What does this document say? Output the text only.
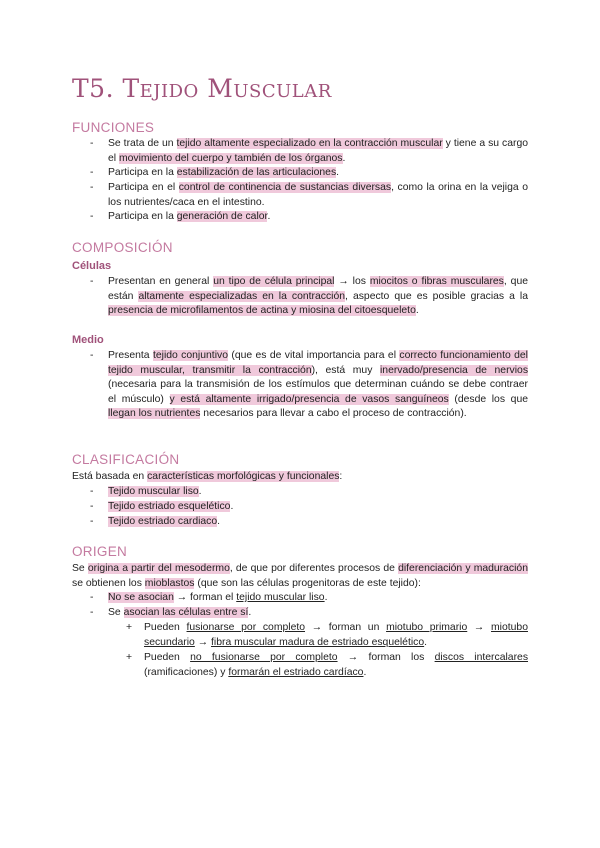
T5. Tejido Muscular
FUNCIONES
- Se trata de un tejido altamente especializado en la contracción muscular y tiene a su cargo el movimiento del cuerpo y también de los órganos.
- Participa en la estabilización de las articulaciones.
- Participa en el control de continencia de sustancias diversas, como la orina en la vejiga o los nutrientes/caca en el intestino.
- Participa en la generación de calor.
COMPOSICIÓN
Células
- Presentan en general un tipo de célula principal → los miocitos o fibras musculares, que están altamente especializadas en la contracción, aspecto que es posible gracias a la presencia de microfilamentos de actina y miosina del citoesqueleto.
Medio
- Presenta tejido conjuntivo (que es de vital importancia para el correcto funcionamiento del tejido muscular, transmitir la contracción), está muy inervado/presencia de nervios (necesaria para la transmisión de los estímulos que determinan cuándo se debe contraer el músculo) y está altamente irrigado/presencia de vasos sanguíneos (desde los que llegan los nutrientes necesarios para llevar a cabo el proceso de contracción).
CLASIFICACIÓN
Está basada en características morfológicas y funcionales:
- Tejido muscular liso.
- Tejido estriado esquelético.
- Tejido estriado cardiaco.
ORIGEN
Se origina a partir del mesodermo, de que por diferentes procesos de diferenciación y maduración se obtienen los mioblastos (que son las células progenitoras de este tejido):
- No se asocian → forman el tejido muscular liso.
- Se asocian las células entre sí.
+ Pueden fusionarse por completo → forman un miotubo primario → miotubo secundario → fibra muscular madura de estriado esquelético.
+ Pueden no fusionarse por completo → forman los discos intercalares (ramificaciones) y formarán el estriado cardíaco.
